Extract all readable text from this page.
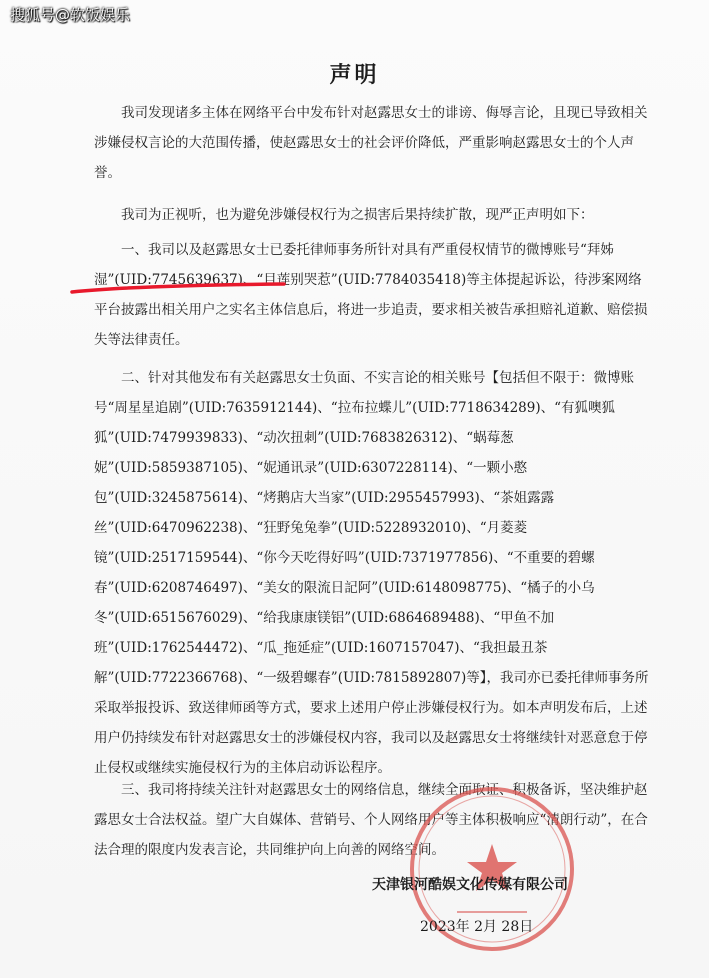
搜狐号@软饭娱乐
声明

我司发现诸多主体在网络平台中发布针对赵露思女士的诽谤、侮辱言论，且现已导致相关涉嫌侵权言论的大范围传播，使赵露思女士的社会评价降低，严重影响赵露思女士的个人声誉。

我司为正视听，也为避免涉嫌侵权行为之损害后果持续扩散，现严正声明如下：

一、我司以及赵露思女士已委托律师事务所针对具有严重侵权情节的微博账号“拜姊湿”(UID:7745639637)、“目莲别哭惹”(UID:7784035418)等主体提起诉讼，待涉案网络平台披露出相关用户之实名主体信息后，将进一步追责，要求相关被告承担赔礼道歉、赔偿损失等法律责任。

二、针对其他发布有关赵露思女士负面、不实言论的相关账号【包括但不限于：微博账号“周星星追剧”(UID:7635912144)、“拉布拉蝶儿”(UID:7718634289)、“有狐噢狐狐”(UID:7479939833)、“动次扭刺”(UID:7683826312)、“蜗莓葱妮”(UID:5859387105)、“妮通讯录”(UID:6307228114)、“一颗小憨包”(UID:3245875614)、“烤鹅店大当家”(UID:2955457993)、“茶姐露露丝”(UID:6470962238)、“狂野兔兔拳”(UID:5228932010)、“月菱菱镜”(UID:2517159544)、“你今天吃得好吗”(UID:7371977856)、“不重要的碧螺春”(UID:6208746497)、“美女的限流日記阿”(UID:6148098775)、“橘子的小乌冬”(UID:6515676029)、“给我康康镁铝”(UID:6864689488)、“甲鱼不加班”(UID:1762544472)、“瓜_拖延症”(UID:1607157047)、“我担最丑茶解”(UID:7722366768)、“一级碧螺春”(UID:7815892807)等】，我司亦已委托律师事务所采取举报投诉、致送律师函等方式，要求上述用户停止涉嫌侵权行为。如本声明发布后，上述用户仍持续发布针对赵露思女士的涉嫌侵权内容，我司以及赵露思女士将继续针对恶意怠于停止侵权或继续实施侵权行为的主体启动诉讼程序。

三、我司将持续关注针对赵露思女士的网络信息，继续全面取证、积极备诉，坚决维护赵露思女士合法权益。望广大自媒体、营销号、个人网络用户等主体积极响应“清朗行动”，在合法合理的限度内发表言论，共同维护向上向善的网络空间。

天津银河酷娱文化传媒有限公司
2023年 2月 28日
